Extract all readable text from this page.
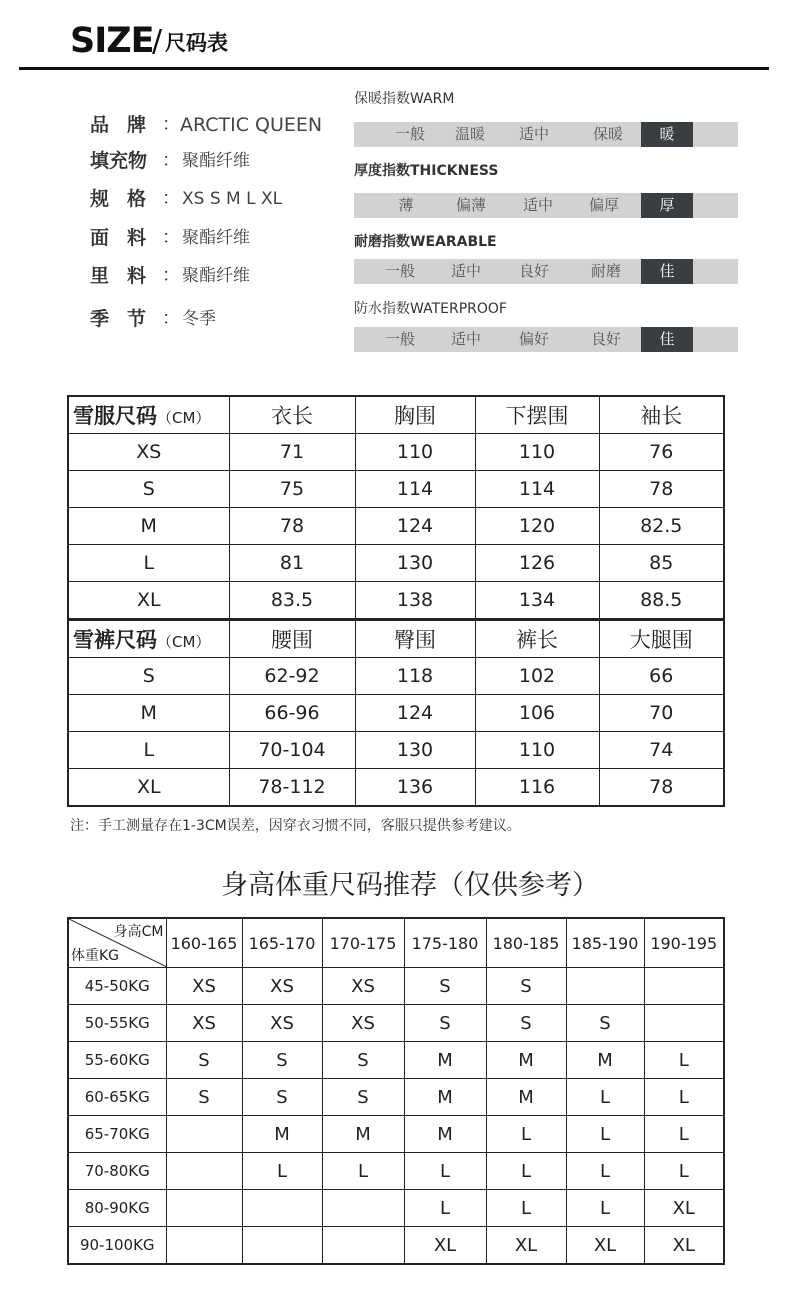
SIZE
/ 尺码表
品牌
： ARCTIC QUEEN
填充物 ： 聚酯纤维
规格
： XS S M L XL
面料
： 聚酯纤维
里料
： 聚酯纤维
季节
： 冬季
保暖指数WARM
一般	温暖	适中	保暖	暖
厚度指数THICKNESS
薄	偏薄	适中	偏厚	厚
耐磨指数WEARABLE
一般	适中	良好	耐磨	佳
防水指数WATERPROOF
一般	适中	偏好	良好	佳
雪服尺码（CM）	衣长	胸围	下摆围	袖长
XS	71	110	110	76
S	75	114	114	78
M	78	124	120	82.5
L	81	130	126	85
XL	83.5	138	134	88.5
雪裤尺码（CM）	腰围	臀围	裤长	大腿围
S	62-92	118	102	66
M	66-96	124	106	70
L	70-104	130	110	74
XL	78-112	136	116	78
注：手工测量存在1-3CM误差，因穿衣习惯不同，客服只提供参考建议。
身高体重尺码推荐（仅供参考）
身高CM
体重KG	160-165	165-170	170-175	175-180	180-185	185-190	190-195
45-50KG	XS	XS	XS	S	S		
50-55KG	XS	XS	XS	S	S	S	
55-60KG	S	S	S	M	M	M	L
60-65KG	S	S	S	M	M	L	L
65-70KG		M	M	M	L	L	L
70-80KG		L	L	L	L	L	L
80-90KG				L	L	L	XL
90-100KG				XL	XL	XL	XL
